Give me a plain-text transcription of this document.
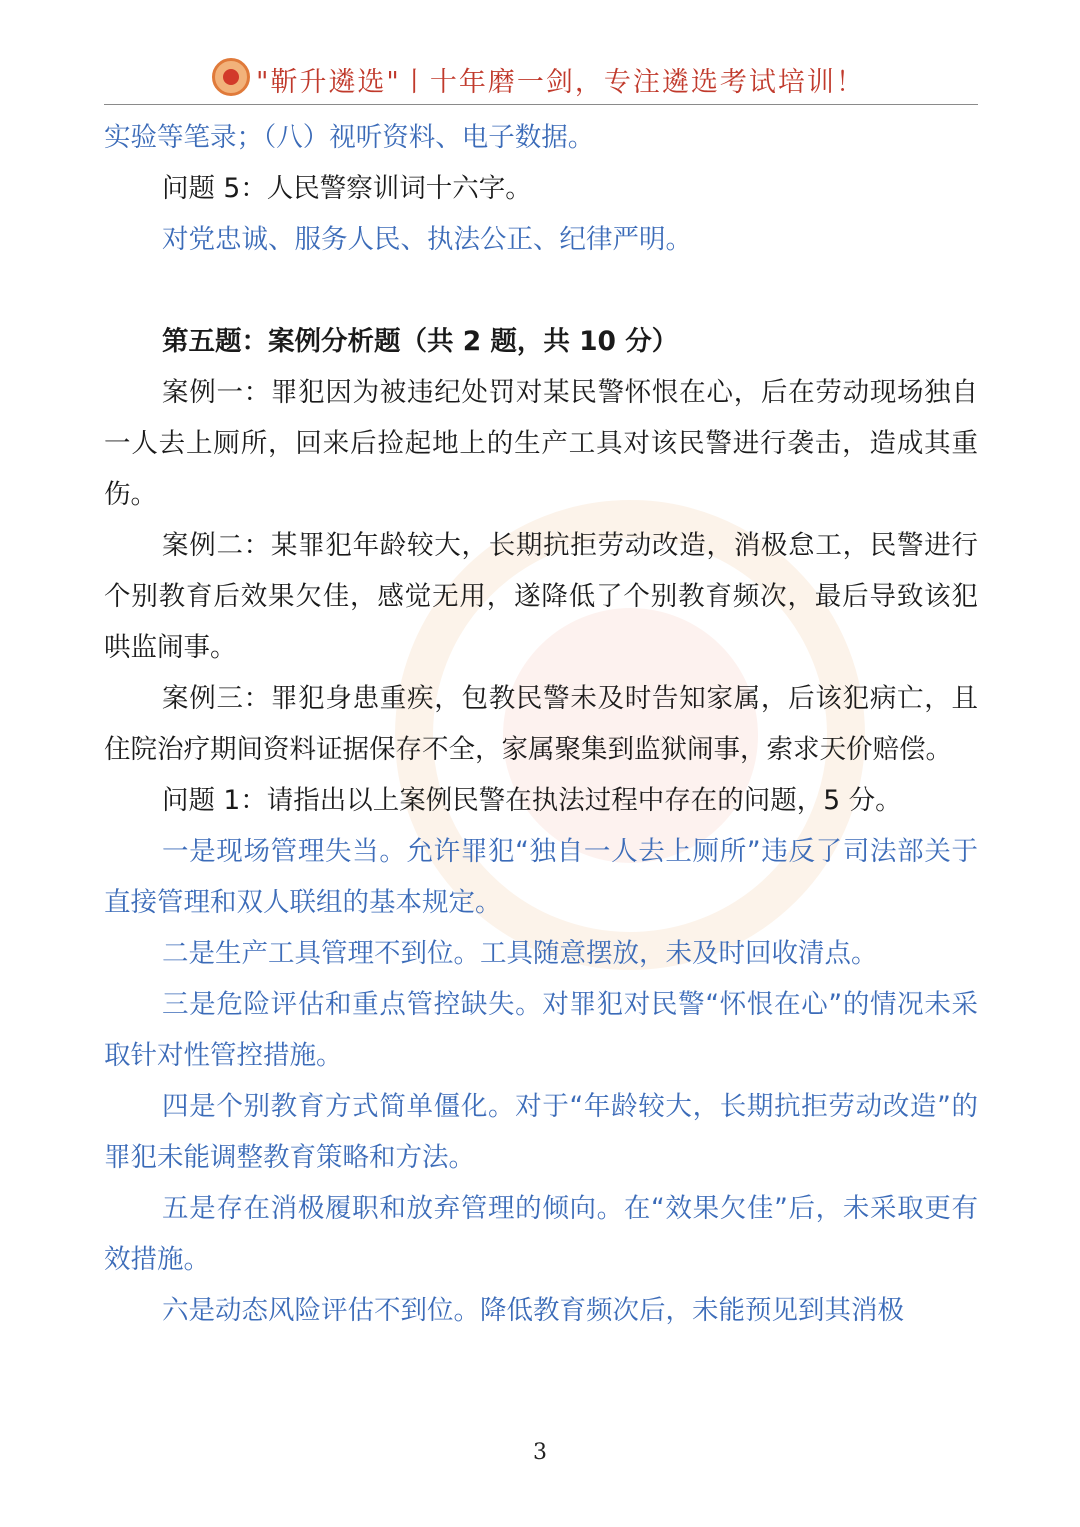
"靳升遴选"丨十年磨一剑，专注遴选考试培训！

实验等笔录；（八）视听资料、电子数据。

问题 5：人民警察训词十六字。

对党忠诚、服务人民、执法公正、纪律严明。

第五题：案例分析题（共 2 题，共 10 分）

案例一：罪犯因为被违纪处罚对某民警怀恨在心，后在劳动现场独自一人去上厕所，回来后捡起地上的生产工具对该民警进行袭击，造成其重伤。

案例二：某罪犯年龄较大，长期抗拒劳动改造，消极怠工，民警进行个别教育后效果欠佳，感觉无用，遂降低了个别教育频次，最后导致该犯哄监闹事。

案例三：罪犯身患重疾，包教民警未及时告知家属，后该犯病亡，且住院治疗期间资料证据保存不全，家属聚集到监狱闹事，索求天价赔偿。

问题 1：请指出以上案例民警在执法过程中存在的问题，5 分。

一是现场管理失当。允许罪犯“独自一人去上厕所”违反了司法部关于直接管理和双人联组的基本规定。

二是生产工具管理不到位。工具随意摆放，未及时回收清点。

三是危险评估和重点管控缺失。对罪犯对民警“怀恨在心”的情况未采取针对性管控措施。

四是个别教育方式简单僵化。对于“年龄较大，长期抗拒劳动改造”的罪犯未能调整教育策略和方法。

五是存在消极履职和放弃管理的倾向。在“效果欠佳”后，未采取更有效措施。

六是动态风险评估不到位。降低教育频次后，未能预见到其消极

3
